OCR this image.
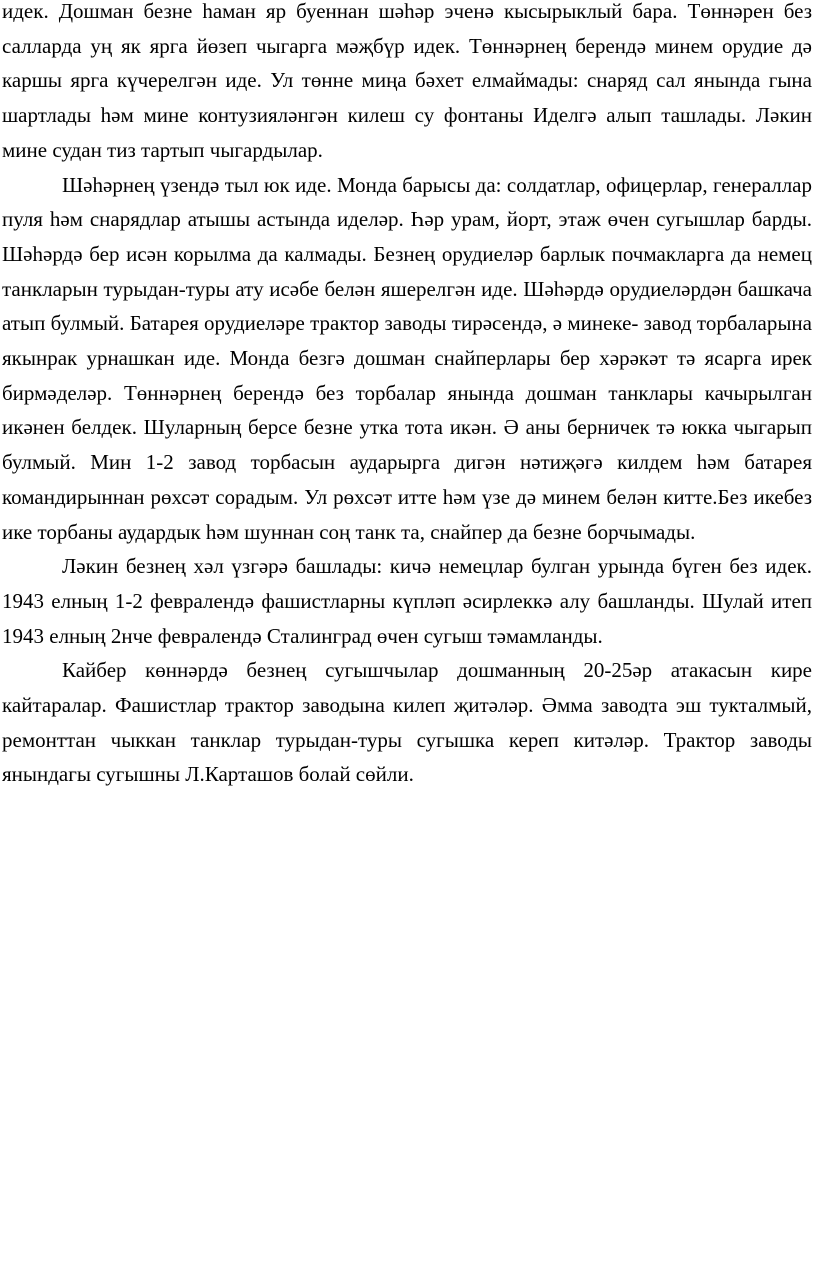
идек. Дошман безне һаман яр буеннан шәһәр эченә кысырыклый бара. Төннәрен без салларда уң як ярга йөзеп чыгарга мәҗбүр идек. Төннәрнең берендә минем орудие дә каршы ярга күчерелгән иде. Ул төнне миңа бәхет елмаймады: снаряд сал янында гына шартлады һәм мине контузияләнгән килеш су фонтаны Иделгә алып ташлады. Ләкин мине судан тиз тартып чыгардылар.

Шәһәрнең үзендә тыл юк иде. Монда барысы да: солдатлар, офицерлар, генераллар пуля һәм снарядлар атышы астында иделәр. Һәр урам, йорт, этаж өчен сугышлар барды. Шәһәрдә бер исән корылма да калмады. Безнең орудиеләр барлык почмакларга да немец танкларын турыдан-туры ату исәбе белән яшерелгән иде. Шәһәрдә орудиеләрдән башкача атып булмый. Батарея орудиеләре трактор заводы тирәсендә, ә минеке- завод торбаларына якынрак урнашкан иде. Монда безгә дошман снайперлары бер хәрәкәт тә ясарга ирек бирмәделәр. Төннәрнең берендә без торбалар янында дошман танклары качырылган икәнен белдек. Шуларның берсе безне утка тота икән. Ә аны берничек тә юкка чыгарып булмый. Мин 1-2 завод торбасын аударырга дигән нәтиҗәгә килдем һәм батарея командирыннан рөхсәт сорадым. Ул рөхсәт итте һәм үзе дә минем белән китте.Без икебез ике торбаны аудардык һәм шуннан соң танк та, снайпер да безне борчымады.

Ләкин безнең хәл үзгәрә башлады: кичә немецлар булган урында бүген без идек. 1943 елның 1-2 февралендә фашистларны күпләп әсирлеккә алу башланды. Шулай итеп 1943 елның 2нче февралендә Сталинград өчен сугыш тәмамланды.

Кайбер көннәрдә безнең сугышчылар дошманның 20-25әр атакасын кире кайтаралар. Фашистлар трактор заводына килеп җитәләр. Әмма заводта эш тукталмый, ремонттан чыккан танклар турыдан-туры сугышка кереп китәләр. Трактор заводы янындагы сугышны Л.Карташов болай сөйли.
